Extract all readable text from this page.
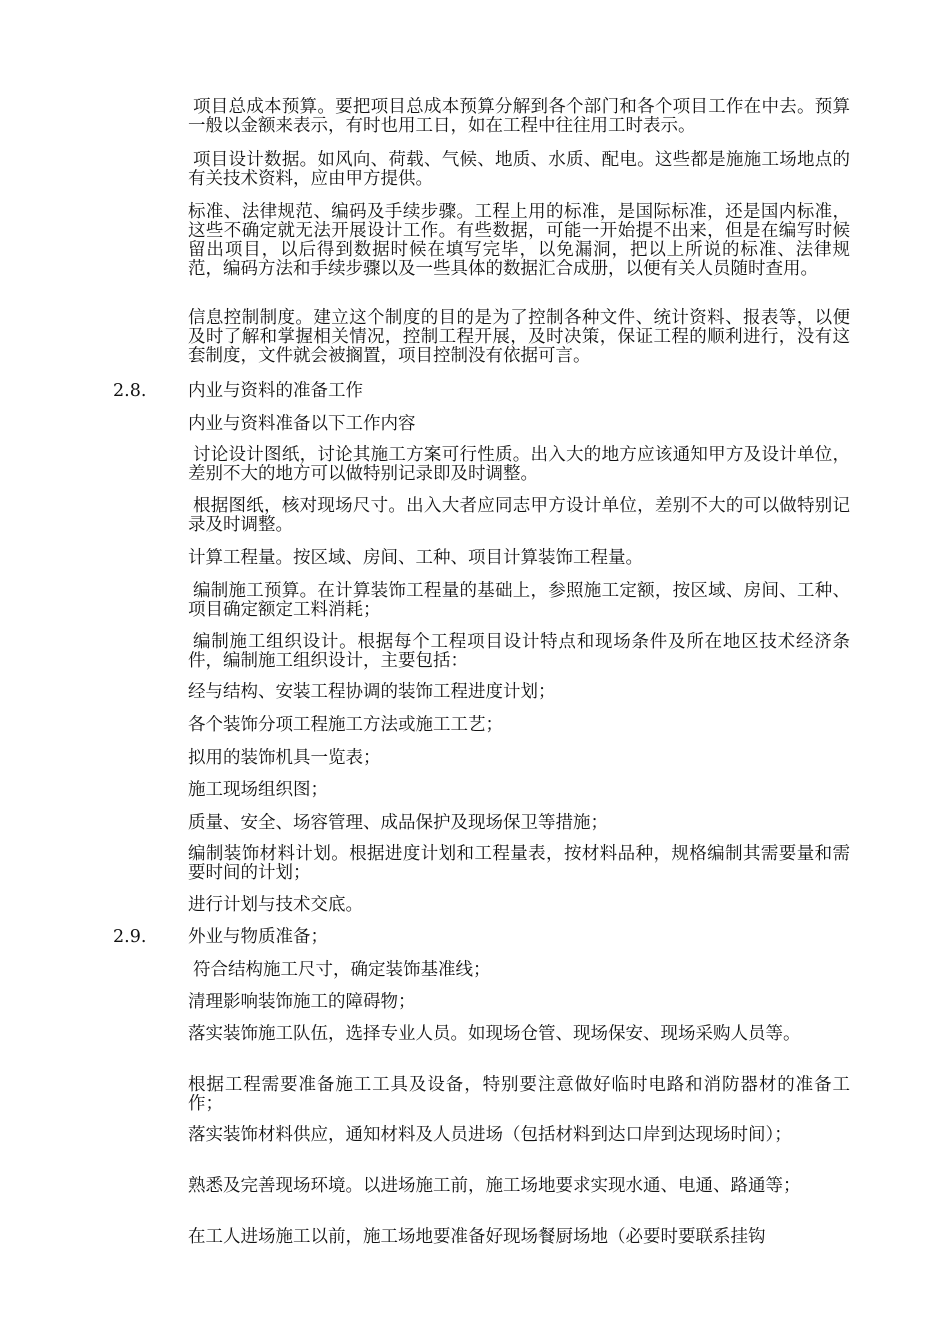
项目总成本预算。要把项目总成本预算分解到各个部门和各个项目工作在中去。预算一般以金额来表示，有时也用工日，如在工程中往往用工时表示。

项目设计数据。如风向、荷载、气候、地质、水质、配电。这些都是施施工场地点的有关技术资料，应由甲方提供。

标准、法律规范、编码及手续步骤。工程上用的标准，是国际标准，还是国内标准，这些不确定就无法开展设计工作。有些数据，可能一开始提不出来，但是在编写时候留出项目，以后得到数据时候在填写完毕，以免漏洞，把以上所说的标准、法律规范，编码方法和手续步骤以及一些具体的数据汇合成册，以便有关人员随时查用。

信息控制制度。建立这个制度的目的是为了控制各种文件、统计资料、报表等，以便及时了解和掌握相关情况，控制工程开展，及时决策，保证工程的顺利进行，没有这套制度，文件就会被搁置，项目控制没有依据可言。

2.8. 内业与资料的准备工作

内业与资料准备以下工作内容

讨论设计图纸，讨论其施工方案可行性质。出入大的地方应该通知甲方及设计单位，差别不大的地方可以做特别记录即及时调整。

根据图纸，核对现场尺寸。出入大者应同志甲方设计单位，差别不大的可以做特别记录及时调整。

计算工程量。按区域、房间、工种、项目计算装饰工程量。

编制施工预算。在计算装饰工程量的基础上，参照施工定额，按区域、房间、工种、项目确定额定工料消耗；

编制施工组织设计。根据每个工程项目设计特点和现场条件及所在地区技术经济条件，编制施工组织设计，主要包括：

经与结构、安装工程协调的装饰工程进度计划；

各个装饰分项工程施工方法或施工工艺；

拟用的装饰机具一览表；

施工现场组织图；

质量、安全、场容管理、成品保护及现场保卫等措施；

编制装饰材料计划。根据进度计划和工程量表，按材料品种，规格编制其需要量和需要时间的计划；

进行计划与技术交底。

2.9. 外业与物质准备；

符合结构施工尺寸，确定装饰基准线；

清理影响装饰施工的障碍物；

落实装饰施工队伍，选择专业人员。如现场仓管、现场保安、现场采购人员等。

根据工程需要准备施工工具及设备，特别要注意做好临时电路和消防器材的准备工作；

落实装饰材料供应，通知材料及人员进场（包括材料到达口岸到达现场时间）；

熟悉及完善现场环境。以进场施工前，施工场地要求实现水通、电通、路通等；

在工人进场施工以前，施工场地要准备好现场餐厨场地（必要时要联系挂钩
